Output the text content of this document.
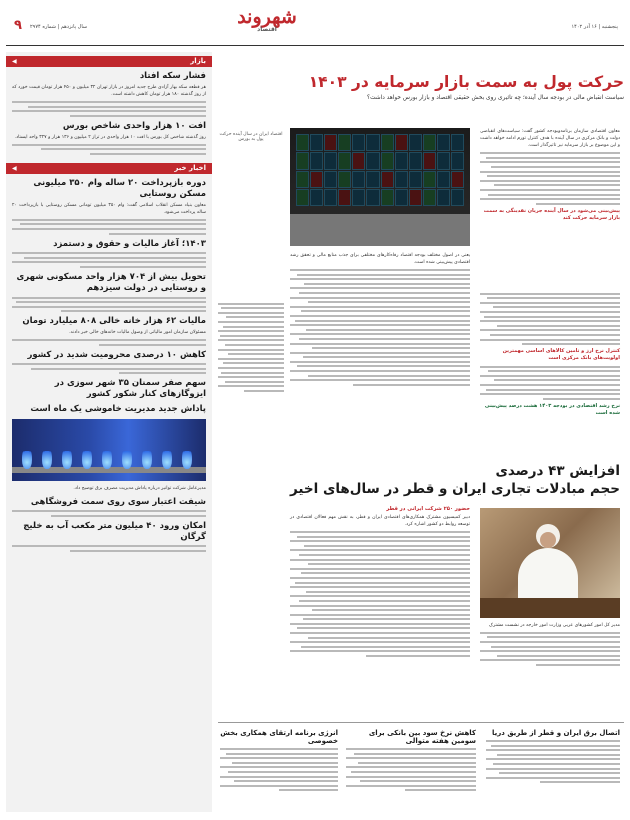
پنجشنبه | ۱۶ آذر ۱۴۰۲
شهروند
اقتصاد
سال پانزدهم | شماره ۲۹۷۴
۹
بازار
◀
فشار سکه افتاد
هر قطعه سکه بهار آزادی طرح جدید امروز در بازار تهران ۳۲ میلیون و ۴۵۰ هزار تومان قیمت خورد که از روز گذشته ۱۸۰ هزار تومان کاهش داشته است.
افت ۱۰ هزار واحدی شاخص بورس
روز گذشته شاخص کل بورس با افت ۱۰ هزار واحدی در تراز ۲ میلیون و ۱۳۶ هزار و ۳۲۷ واحد ایستاد.
اخبار خبر
◀
دوره بازپرداخت ۲۰ ساله وام ۳۵۰ میلیونی مسکن روستایی
معاون بنیاد مسکن انقلاب اسلامی گفت: وام ۳۵۰ میلیون تومانی مسکن روستایی با بازپرداخت ۲۰ ساله پرداخت می‌شود.
۱۴۰۳؛ آغاز مالیات و حقوق و دستمزد
تحویل بیش از ۷۰۴ هزار واحد مسکونی شهری و روستایی در دولت سیزدهم
مالیات ۶۲ هزار خانه خالی ۸۰۸ میلیارد تومان
مسئولان سازمان امور مالیاتی از وصول مالیات خانه‌های خالی خبر دادند.
کاهش ۱۰ درصدی محرومیت شدید در کشور
سهم صفر سمنان ۳۵ شهر سوزی در ایزوگازهای کنار شکور کشور
پاداش جدید مدیریت خاموشی یک ماه است
مدیرعامل شرکت توانیر درباره پاداش مدیریت مصرف برق توضیح داد.
شیفت اعتبار سوی روی سمت فروشگاهی
امکان ورود ۴۰ میلیون متر مکعب آب به خلیج گرگان
حرکت پول به سمت بازار سرمایه در ۱۴۰۳
سیاست انقباض مالی در بودجه سال آینده؛ چه تاثیری روی بخش حقیقی اقتصاد و بازار بورس خواهد داشت؟
اقتصاد ایران در سال آینده حرکت پول به بورس
معاون اقتصادی سازمان برنامه‌وبودجه کشور گفت: سیاست‌های انقباضی دولت و بانک مرکزی در سال آینده با هدف کنترل تورم ادامه خواهد داشت و این موضوع بر بازار سرمایه نیز تاثیرگذار است.
پیش‌بینی می‌شود در سال آینده جریان نقدینگی به سمت بازار سرمایه حرکت کند
کنترل نرخ ارز و تامین کالاهای اساسی مهمترین اولویت‌های بانک مرکزی است
نرخ رشد اقتصادی در بودجه ۱۴۰۳ هشت درصد پیش‌بینی شده است
یعنی در اصول مختلف بودجه اقتصاد رفاه‌کارهای مختلفی برای جذب منابع مالی و تحقق رشد اقتصادی پیش‌بینی شده است.
افزایش ۴۳ درصدی
حجم مبادلات تجاری ایران و قطر در سال‌های اخیر
مدیر کل امور کشورهای عربی وزارت امور خارجه در نشست مشترک
حضور ۲۵۰ شرکت ایرانی در قطر
دبیر کمیسیون مشترک همکاری‌های اقتصادی ایران و قطر، به نقش مهم فعالان اقتصادی در توسعه روابط دو کشور اشاره کرد.
اتصال برق ایران و قطر از طریق دریا
کاهش نرخ سود بین بانکی برای سومین هفته متوالی
انرژی برنامه ارتقای همکاری بخش خصوصی
